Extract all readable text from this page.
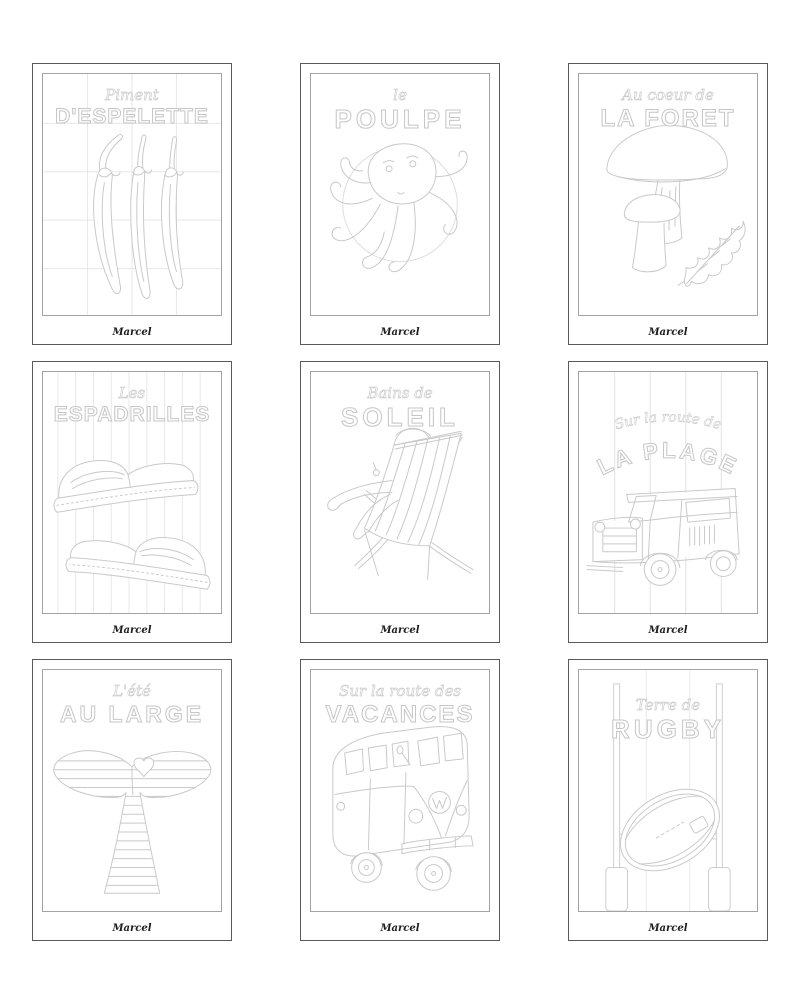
Piment
D'ESPELETTE
Marcel
le
POULPE
Marcel
Au coeur de
LA FORET
Marcel
Les
ESPADRILLES
Marcel
Bains de
SOLEIL
Marcel
Sur la route de
LA PLAGE
Marcel
L'été
AU LARGE
Marcel
Sur la route des
VACANCES
Marcel
Terre de
RUGBY
Marcel
